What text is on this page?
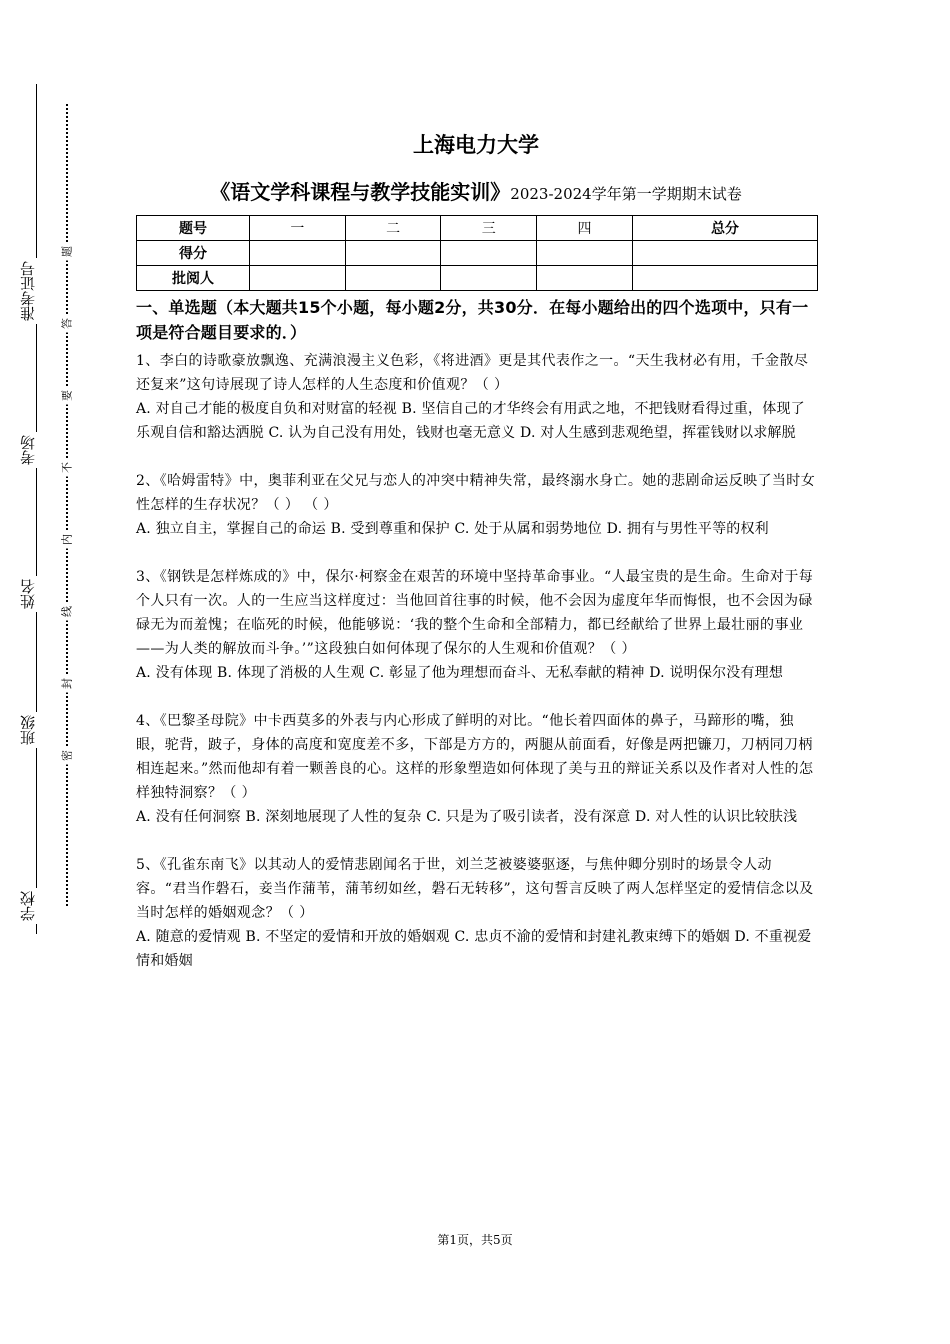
准考证号
考场
姓名
班级
学校
题
答
要
不
内
线
封
密
上海电力大学
《语文学科课程与教学技能实训》2023-2024学年第一学期期末试卷
题号	一	二	三	四	总分
得分					
批阅人					
一、单选题（本大题共15个小题，每小题2分，共30分．在每小题给出的四个选项中，只有一项是符合题目要求的．）

1、李白的诗歌豪放飘逸、充满浪漫主义色彩，《将进酒》更是其代表作之一。“天生我材必有用，千金散尽还复来”这句诗展现了诗人怎样的人生态度和价值观？（ ）

A. 对自己才能的极度自负和对财富的轻视 B. 坚信自己的才华终会有用武之地，不把钱财看得过重，体现了乐观自信和豁达洒脱 C. 认为自己没有用处，钱财也毫无意义 D. 对人生感到悲观绝望，挥霍钱财以求解脱

2、《哈姆雷特》中，奥菲利亚在父兄与恋人的冲突中精神失常，最终溺水身亡。她的悲剧命运反映了当时女性怎样的生存状况？（ ） （ ）

A. 独立自主，掌握自己的命运 B. 受到尊重和保护 C. 处于从属和弱势地位 D. 拥有与男性平等的权利

3、《钢铁是怎样炼成的》中，保尔·柯察金在艰苦的环境中坚持革命事业。“人最宝贵的是生命。生命对于每个人只有一次。人的一生应当这样度过：当他回首往事的时候，他不会因为虚度年华而悔恨，也不会因为碌碌无为而羞愧；在临死的时候，他能够说：‘我的整个生命和全部精力，都已经献给了世界上最壮丽的事业——为人类的解放而斗争。’”这段独白如何体现了保尔的人生观和价值观？（ ）

A. 没有体现 B. 体现了消极的人生观 C. 彰显了他为理想而奋斗、无私奉献的精神 D. 说明保尔没有理想

4、《巴黎圣母院》中卡西莫多的外表与内心形成了鲜明的对比。“他长着四面体的鼻子，马蹄形的嘴，独眼，驼背，跛子，身体的高度和宽度差不多，下部是方方的，两腿从前面看，好像是两把镰刀，刀柄同刀柄相连起来。”然而他却有着一颗善良的心。这样的形象塑造如何体现了美与丑的辩证关系以及作者对人性的怎样独特洞察？（ ）

A. 没有任何洞察 B. 深刻地展现了人性的复杂 C. 只是为了吸引读者，没有深意 D. 对人性的认识比较肤浅

5、《孔雀东南飞》以其动人的爱情悲剧闻名于世，刘兰芝被婆婆驱逐，与焦仲卿分别时的场景令人动容。“君当作磐石，妾当作蒲苇，蒲苇纫如丝，磐石无转移”，这句誓言反映了两人怎样坚定的爱情信念以及当时怎样的婚姻观念？（ ）

A. 随意的爱情观 B. 不坚定的爱情和开放的婚姻观 C. 忠贞不渝的爱情和封建礼教束缚下的婚姻 D. 不重视爱情和婚姻

第1页，共5页
